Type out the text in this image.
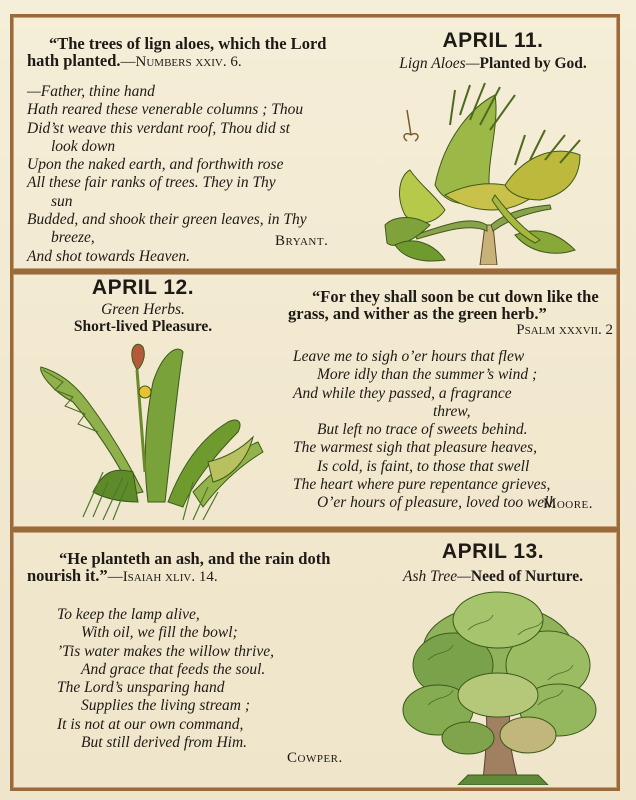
“The trees of lign aloes, which the Lord hath planted.—Numbers xxiv. 6.
—Father, thine hand
Hath reared these venerable columns ; Thou
Did’st weave this verdant roof, Thou did st
look down
Upon the naked earth, and forthwith rose
All these fair ranks of trees. They in Thy
sun
Budded, and shook their green leaves, in Thy
breeze,
And shot towards Heaven.
Bryant.
APRIL 11.
Lign Aloes—Planted by God.
APRIL 12.
Green Herbs.
Short-lived Pleasure.
“For they shall soon be cut down like the grass, and wither as the green herb.”
Psalm xxxvii. 2
Leave me to sigh o’er hours that flew
More idly than the summer’s wind ;
And while they passed, a fragrance
threw,
But left no trace of sweets behind.
The warmest sigh that pleasure heaves,
Is cold, is faint, to those that swell
The heart where pure repentance grieves,
O’er hours of pleasure, loved too well.
Moore.
“He planteth an ash, and the rain doth nourish it.”—Isaiah xliv. 14.
To keep the lamp alive,
With oil, we fill the bowl;
’Tis water makes the willow thrive,
And grace that feeds the soul.
The Lord’s unsparing hand
Supplies the living stream ;
It is not at our own command,
But still derived from Him.
Cowper.
APRIL 13.
Ash Tree—Need of Nurture.
